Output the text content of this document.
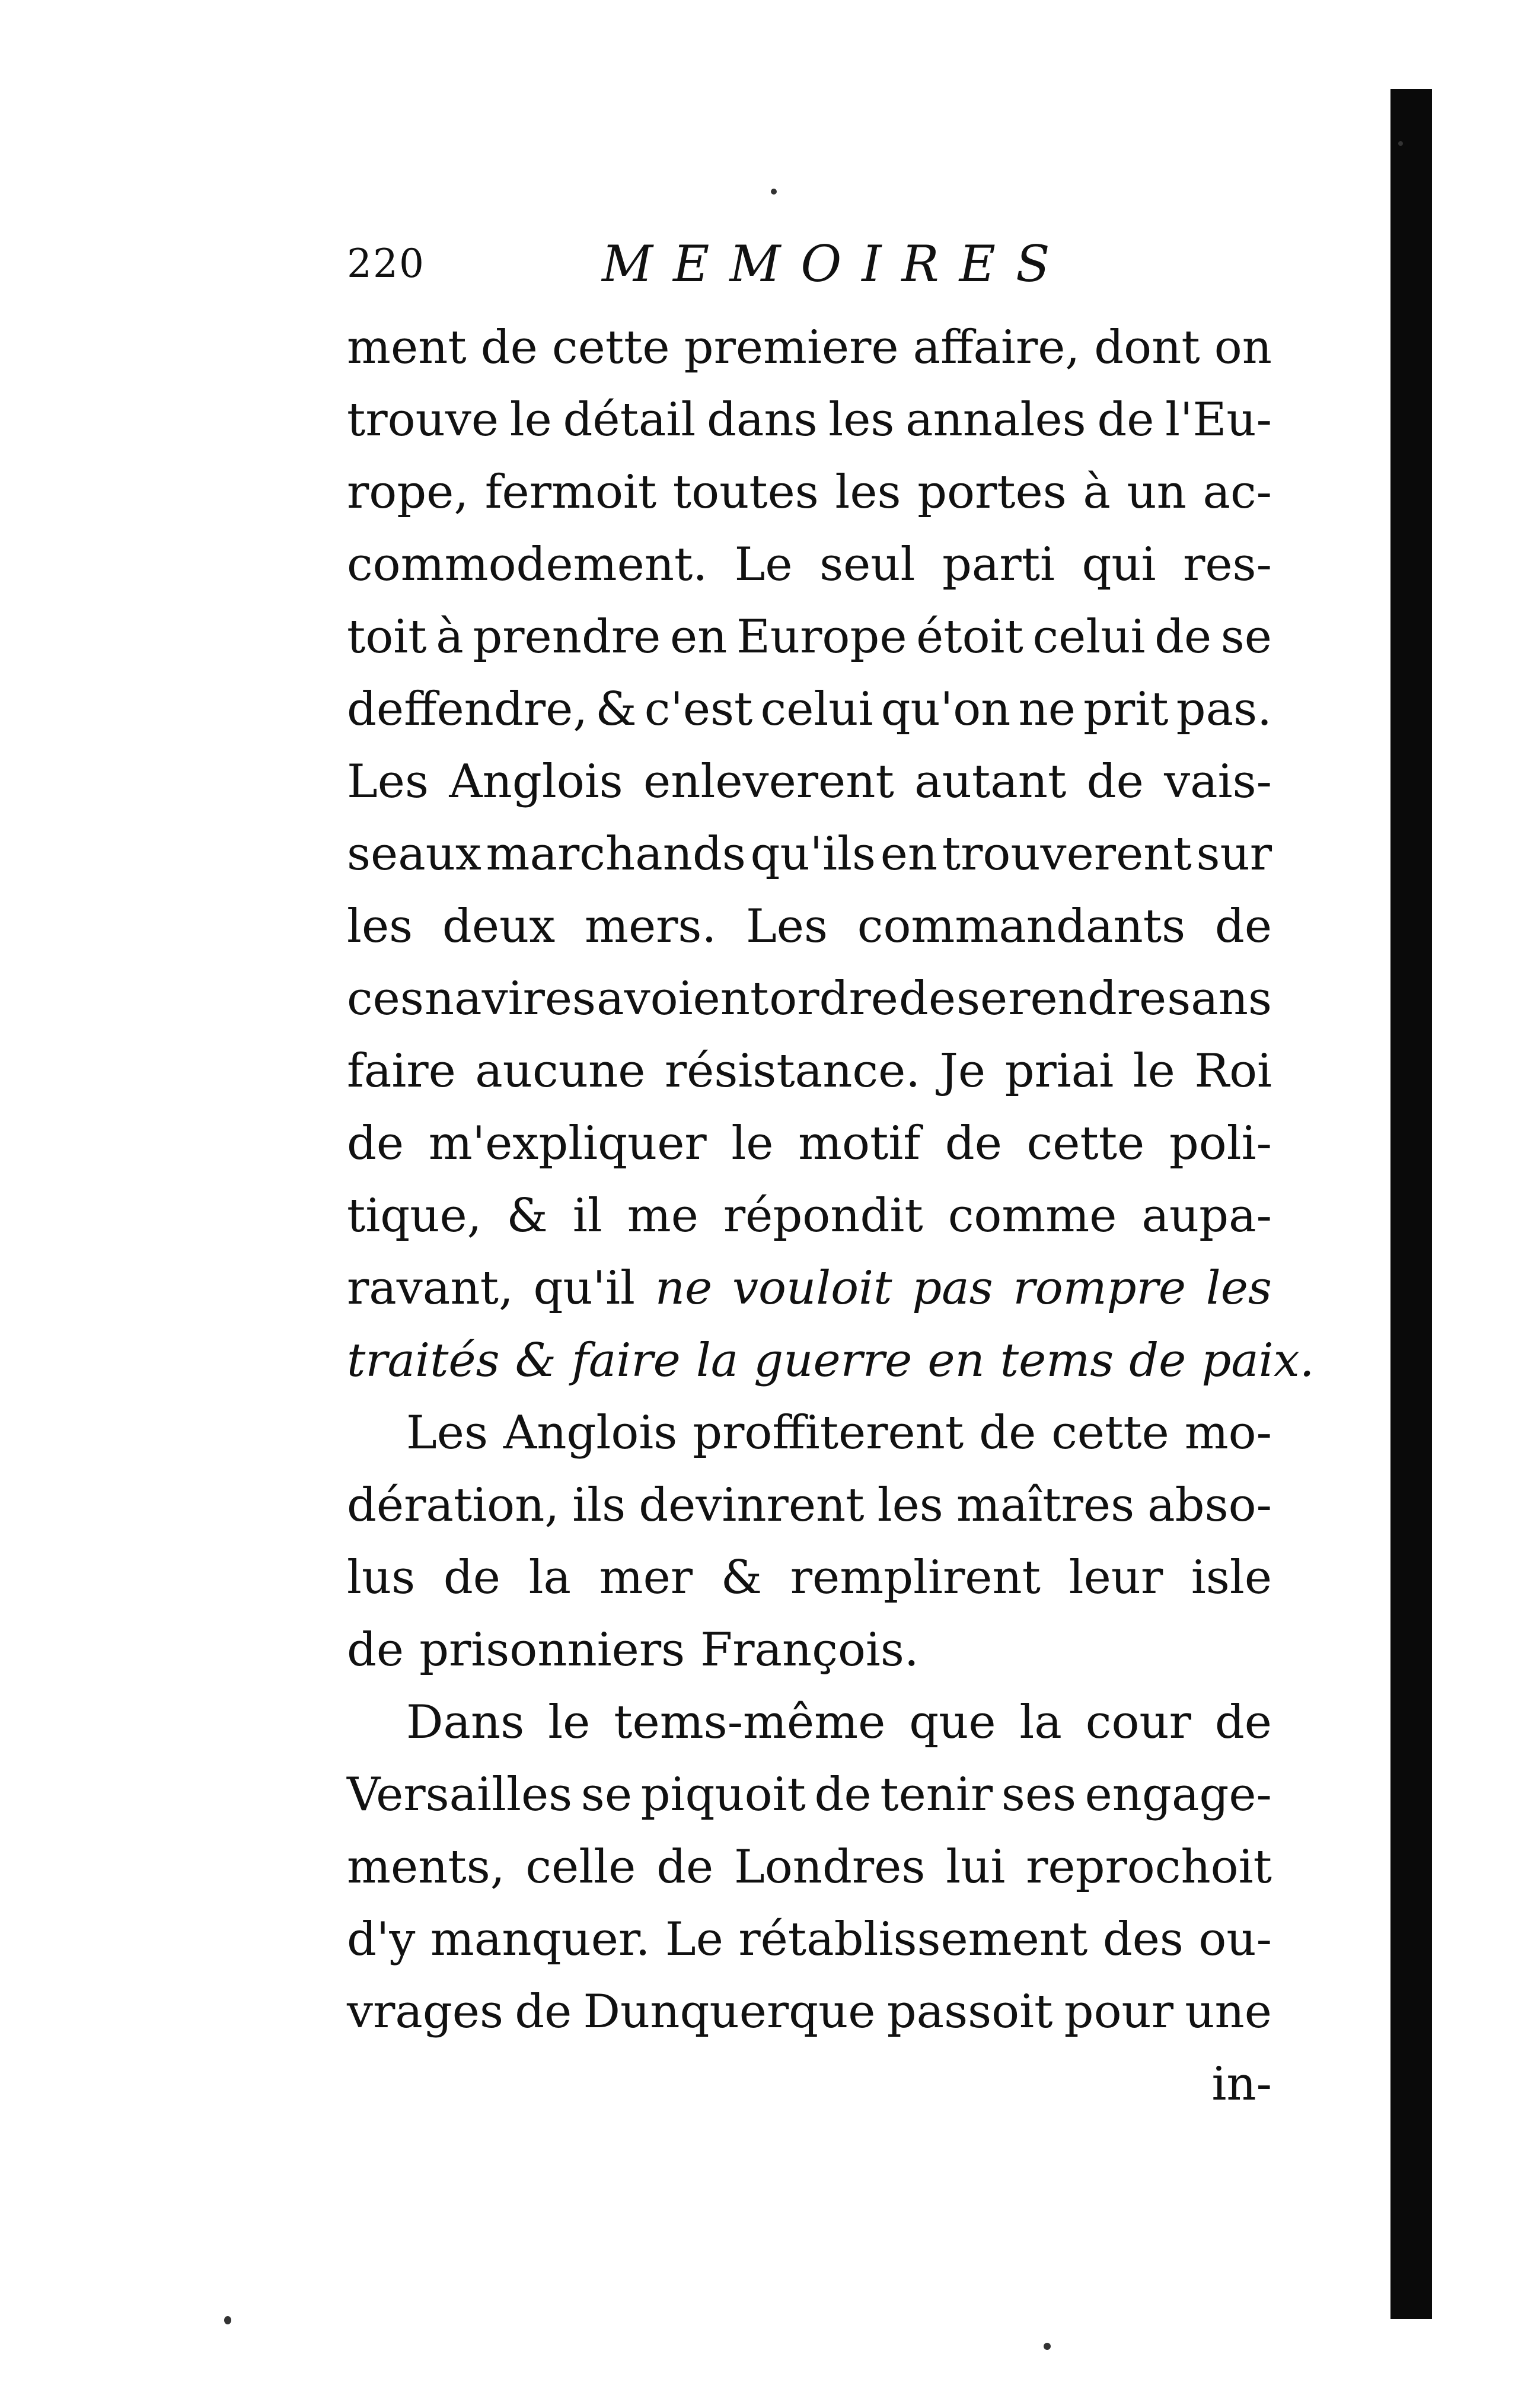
220	MEMOIRES
ment de cette premiere affaire, dont on
trouve le détail dans les annales de l'Eu-
rope, fermoit toutes les portes à un ac-
commodement. Le seul parti qui res-
toit à prendre en Europe étoit celui de se
deffendre, & c'est celui qu'on ne prit pas.
Les Anglois enleverent autant de vais-
seaux marchands qu'ils en trouverent sur
les deux mers. Les commandants de
ces navires avoient ordre de se rendre sans
faire aucune résistance. Je priai le Roi
de m'expliquer le motif de cette poli-
tique, & il me répondit comme aupa-
ravant, qu'il ne vouloit pas rompre les
traités & faire la guerre en tems de paix.
Les Anglois proffiterent de cette mo-
dération, ils devinrent les maîtres abso-
lus de la mer & remplirent leur isle
de prisonniers François.
Dans le tems-même que la cour de
Versailles se piquoit de tenir ses engage-
ments, celle de Londres lui reprochoit
d'y manquer. Le rétablissement des ou-
vrages de Dunquerque passoit pour une
in-
